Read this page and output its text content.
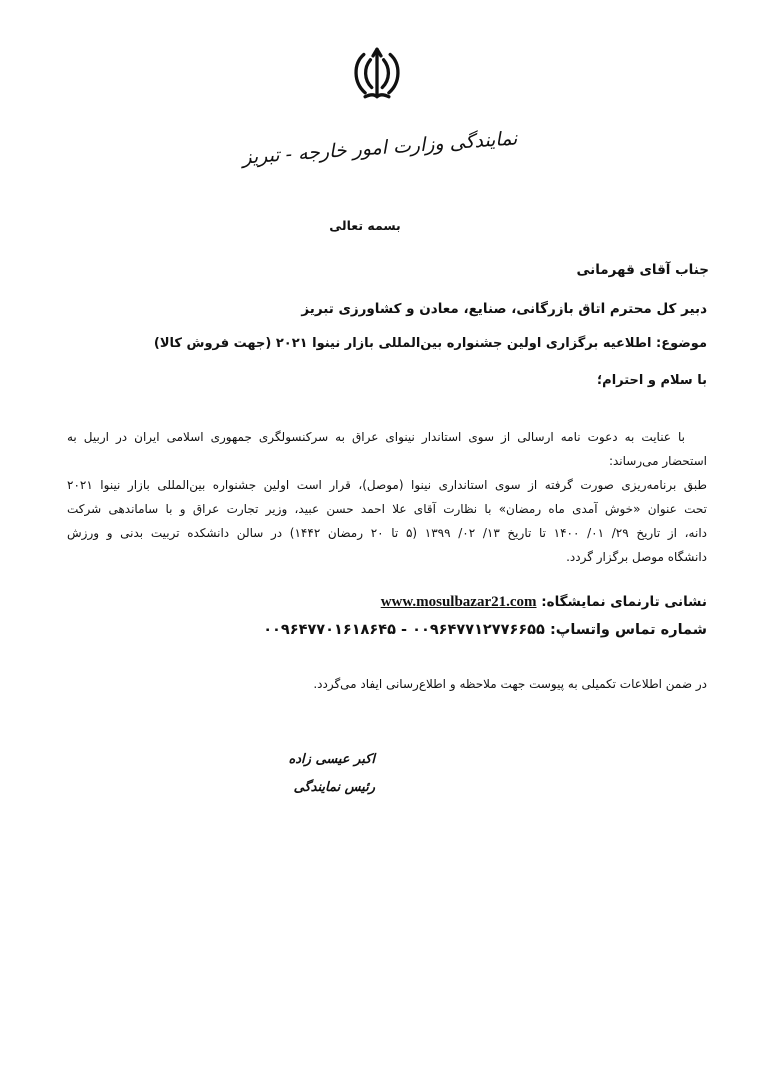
نمایندگی وزارت امور خارجه - تبریز
بسمه تعالی
جناب آقای قهرمانی
دبیر کل محترم اتاق بازرگانی، صنایع، معادن و کشاورزی تبریز
موضوع: اطلاعیه برگزاری اولین جشنواره بین‌المللی بازار نینوا ۲۰۲۱ (جهت فروش کالا)
با سلام و احترام؛
با عنایت به دعوت نامه ارسالی از سوی استاندار نینوای عراق به سرکنسولگری جمهوری اسلامی ایران در اربیل به
استحضار می‌رساند:
طبق برنامه‌ریزی صورت گرفته از سوی استانداری نینوا (موصل)، قرار است اولین جشنواره بین‌المللی بازار نینوا ۲۰۲۱
تحت عنوان «خوش آمدی ماه رمضان» با نظارت آقای علا احمد حسن عبید، وزیر تجارت عراق و با ساماندهی شرکت
دانه، از تاریخ ۲۹/ ۰۱/ ۱۴۰۰ تا تاریخ ۱۳/ ۰۲/ ۱۳۹۹ (۵ تا ۲۰ رمضان ۱۴۴۲) در سالن دانشکده تربیت بدنی و ورزش
دانشگاه موصل برگزار گردد.
نشانی تارنمای نمایشگاه: www.mosulbazar21.com
شماره تماس واتساپ: ۰۰۹۶۴۷۷۱۲۷۷۶۶۵۵ - ۰۰۹۶۴۷۷۰۱۶۱۸۶۴۵
در ضمن اطلاعات تکمیلی به پیوست جهت ملاحظه و اطلاع‌رسانی ایفاد می‌گردد.
اکبر عیسی زاده
رئیس نمایندگی
